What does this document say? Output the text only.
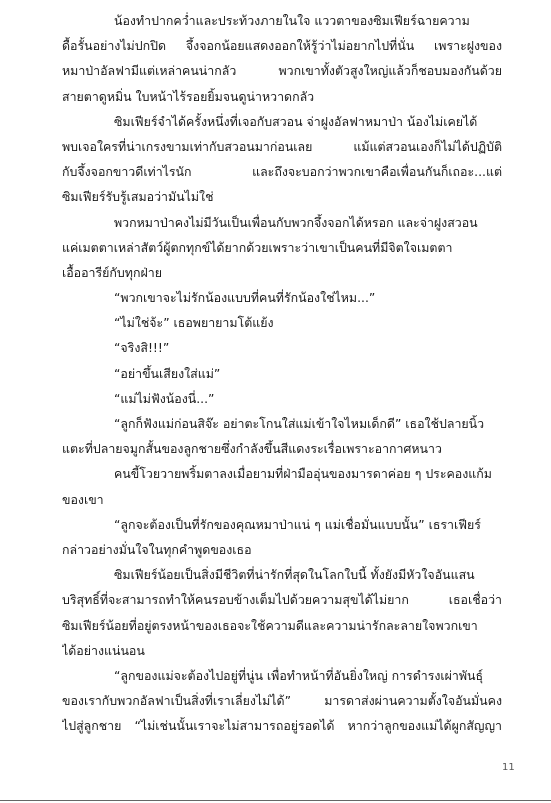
น้องทำปากคว่ำและประท้วงภายในใจ แววตาของซิมเฟียร์ฉายความ
ดื้อรั้นอย่างไม่ปกปิด จึ้งจอกน้อยแสดงออกให้รู้ว่าไม่อยากไปที่นั่น เพราะฝูงของ
หมาป่าอัลฟามีแต่เหล่าคนน่ากลัว พวกเขาทั้งตัวสูงใหญ่แล้วก็ชอบมองกันด้วย
สายตาดูหมิ่น ใบหน้าไร้รอยยิ้มจนดูน่าหวาดกลัว
ซิมเฟียร์จำได้ครั้งหนึ่งที่เจอกับสวอน จ่าฝูงอัลฟาหมาป่า น้องไม่เคยได้
พบเจอใครที่น่าเกรงขามเท่ากับสวอนมาก่อนเลย แม้แต่สวอนเองก็ไม่ได้ปฏิบัติ
กับจึ้งจอกขาวดีเท่าไรนัก และถึงจะบอกว่าพวกเขาคือเพื่อนกันก็เถอะ...แต่
ซิมเฟียร์รับรู้เสมอว่ามันไม่ใช่
พวกหมาป่าคงไม่มีวันเป็นเพื่อนกับพวกจึ้งจอกได้หรอก และจ่าฝูงสวอน
แค่เมตตาเหล่าสัตว์ผู้ตกทุกข์ได้ยากด้วยเพราะว่าเขาเป็นคนที่มีจิตใจเมตตา
เอื้ออารีย์กับทุกฝ่าย
“พวกเขาจะไม่รักน้องแบบที่คนที่รักน้องใช่ไหม...”
“ไม่ใช่จ้ะ” เธอพยายามโต้แย้ง
“จริงสิ!!!”
“อย่าขึ้นเสียงใส่แม่”
“แม่ไม่ฟังน้องนี่...”
“ลูกก็ฟังแม่ก่อนสิจ๊ะ อย่าตะโกนใส่แม่เข้าใจไหมเด็กดี” เธอใช้ปลายนิ้ว
แตะที่ปลายจมูกสั้นของลูกชายซึ่งกำลังขึ้นสีแดงระเรื่อเพราะอากาศหนาว
คนขี้โวยวายพริ้มตาลงเมื่อยามที่ฝ่ามืออุ่นของมารดาค่อย ๆ ประคองแก้ม
ของเขา
“ลูกจะต้องเป็นที่รักของคุณหมาป่าแน่ ๆ แม่เชื่อมั่นแบบนั้น” เธราเฟียร์
กล่าวอย่างมั่นใจในทุกคำพูดของเธอ
ซิมเฟียร์น้อยเป็นสิ่งมีชีวิตที่น่ารักที่สุดในโลกใบนี้ ทั้งยังมีหัวใจอันแสน
บริสุทธิ์ที่จะสามารถทำให้คนรอบข้างเต็มไปด้วยความสุขได้ไม่ยาก เธอเชื่อว่า
ซิมเฟียร์น้อยที่อยู่ตรงหน้าของเธอจะใช้ความดีและความน่ารักละลายใจพวกเขา
ได้อย่างแน่นอน
“ลูกของแม่จะต้องไปอยู่ที่นู่น เพื่อทำหน้าที่อันยิ่งใหญ่ การดำรงเผ่าพันธุ์
ของเรากับพวกอัลฟาเป็นสิ่งที่เราเลี่ยงไม่ได้” มารดาส่งผ่านความตั้งใจอันมั่นคง
ไปสู่ลูกชาย “ไม่เช่นนั้นเราจะไม่สามารถอยู่รอดได้ หากว่าลูกของแม่ได้ผูกสัญญา
11
